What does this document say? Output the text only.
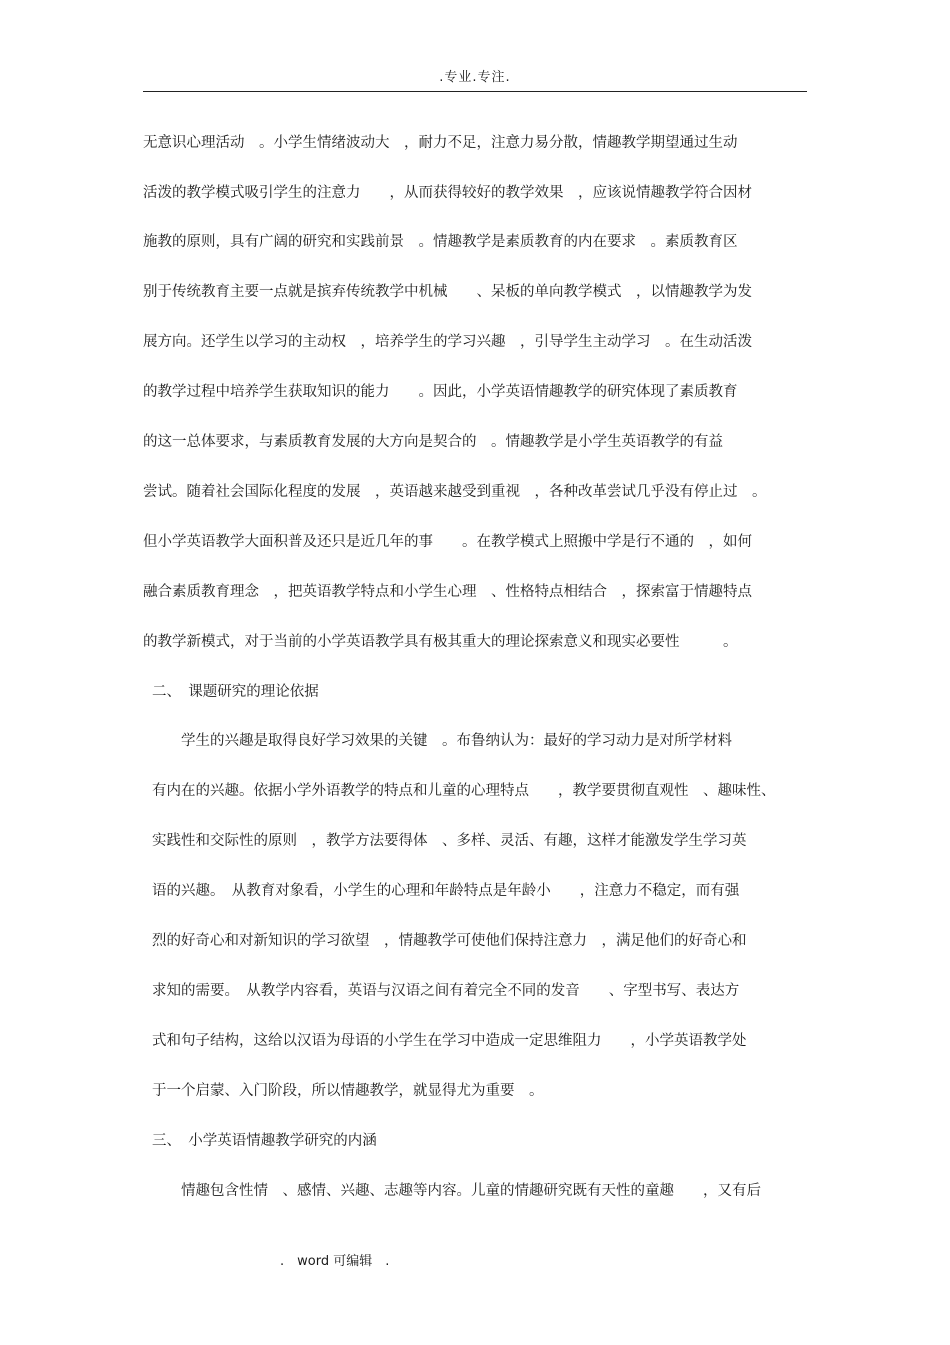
.专业.专注.
无意识心理活动　。小学生情绪波动大　，耐力不足，注意力易分散，情趣教学期望通过生动
活泼的教学模式吸引学生的注意力　　，从而获得较好的教学效果　，应该说情趣教学符合因材
施教的原则，具有广阔的研究和实践前景　。情趣教学是素质教育的内在要求　。素质教育区
别于传统教育主要一点就是摈弃传统教学中机械　　、呆板的单向教学模式　，以情趣教学为发
展方向。还学生以学习的主动权　，培养学生的学习兴趣　，引导学生主动学习　。在生动活泼
的教学过程中培养学生获取知识的能力　　。因此，小学英语情趣教学的研究体现了素质教育
的这一总体要求，与素质教育发展的大方向是契合的　。情趣教学是小学生英语教学的有益
尝试。随着社会国际化程度的发展　，英语越来越受到重视　，各种改革尝试几乎没有停止过　。
但小学英语教学大面积普及还只是近几年的事　　。在教学模式上照搬中学是行不通的　，如何
融合素质教育理念　，把英语教学特点和小学生心理　、性格特点相结合　，探索富于情趣特点
的教学新模式，对于当前的小学英语教学具有极其重大的理论探索意义和现实必要性　　　。
二、　课题研究的理论依据
　　学生的兴趣是取得良好学习效果的关键　。布鲁纳认为：最好的学习动力是对所学材料
有内在的兴趣。依据小学外语教学的特点和儿童的心理特点　　，教学要贯彻直观性　、趣味性、
实践性和交际性的原则　，教学方法要得体　、多样、灵活、有趣，这样才能激发学生学习英
语的兴趣。　从教育对象看，小学生的心理和年龄特点是年龄小　　，注意力不稳定，而有强
烈的好奇心和对新知识的学习欲望　，情趣教学可使他们保持注意力　，满足他们的好奇心和
求知的需要。　从教学内容看，英语与汉语之间有着完全不同的发音　　、字型书写、表达方
式和句子结构，这给以汉语为母语的小学生在学习中造成一定思维阻力　　，小学英语教学处
于一个启蒙、入门阶段，所以情趣教学，就显得尤为重要　。
三、　小学英语情趣教学研究的内涵
　　情趣包含性情　、感情、兴趣、志趣等内容。儿童的情趣研究既有天性的童趣　　，又有后
.　word 可编辑　.
